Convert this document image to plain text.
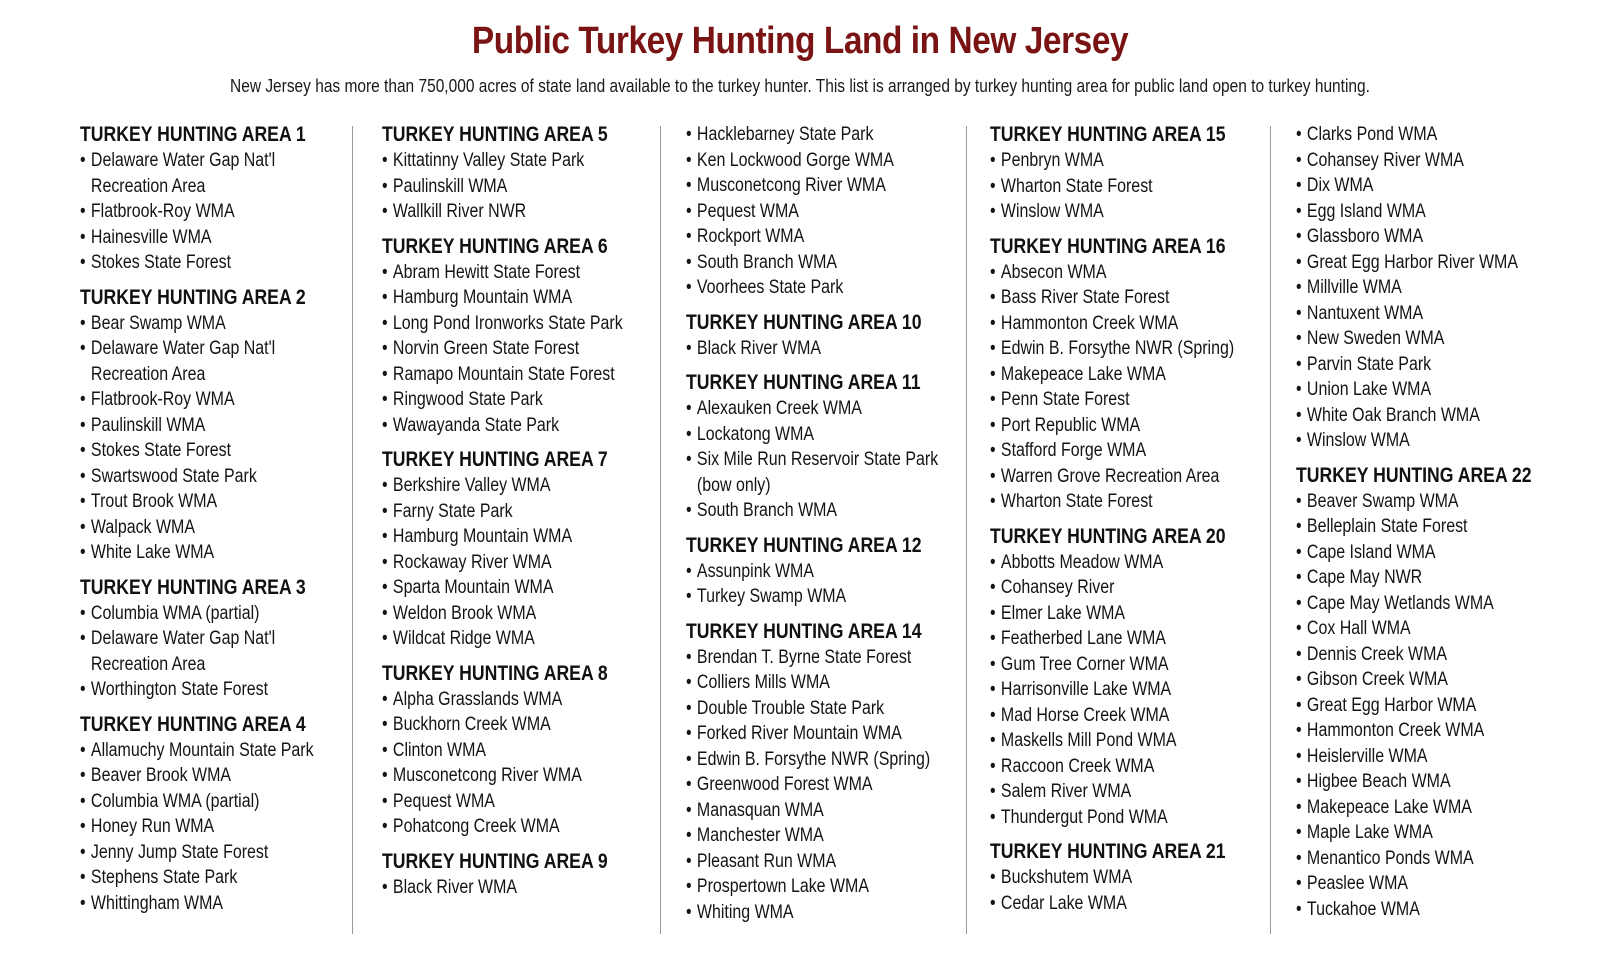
Public Turkey Hunting Land in New Jersey

New Jersey has more than 750,000 acres of state land available to the turkey hunter. This list is arranged by turkey hunting area for public land open to turkey hunting.

TURKEY HUNTING AREA 1
• Delaware Water Gap Nat'l
Recreation Area
• Flatbrook-Roy WMA
• Hainesville WMA
• Stokes State Forest
TURKEY HUNTING AREA 2
• Bear Swamp WMA
• Delaware Water Gap Nat'l
Recreation Area
• Flatbrook-Roy WMA
• Paulinskill WMA
• Stokes State Forest
• Swartswood State Park
• Trout Brook WMA
• Walpack WMA
• White Lake WMA
TURKEY HUNTING AREA 3
• Columbia WMA (partial)
• Delaware Water Gap Nat'l
Recreation Area
• Worthington State Forest
TURKEY HUNTING AREA 4
• Allamuchy Mountain State Park
• Beaver Brook WMA
• Columbia WMA (partial)
• Honey Run WMA
• Jenny Jump State Forest
• Stephens State Park
• Whittingham WMA
TURKEY HUNTING AREA 5
• Kittatinny Valley State Park
• Paulinskill WMA
• Wallkill River NWR
TURKEY HUNTING AREA 6
• Abram Hewitt State Forest
• Hamburg Mountain WMA
• Long Pond Ironworks State Park
• Norvin Green State Forest
• Ramapo Mountain State Forest
• Ringwood State Park
• Wawayanda State Park
TURKEY HUNTING AREA 7
• Berkshire Valley WMA
• Farny State Park
• Hamburg Mountain WMA
• Rockaway River WMA
• Sparta Mountain WMA
• Weldon Brook WMA
• Wildcat Ridge WMA
TURKEY HUNTING AREA 8
• Alpha Grasslands WMA
• Buckhorn Creek WMA
• Clinton WMA
• Musconetcong River WMA
• Pequest WMA
• Pohatcong Creek WMA
TURKEY HUNTING AREA 9
• Black River WMA
• Hacklebarney State Park
• Ken Lockwood Gorge WMA
• Musconetcong River WMA
• Pequest WMA
• Rockport WMA
• South Branch WMA
• Voorhees State Park
TURKEY HUNTING AREA 10
• Black River WMA
TURKEY HUNTING AREA 11
• Alexauken Creek WMA
• Lockatong WMA
• Six Mile Run Reservoir State Park
(bow only)
• South Branch WMA
TURKEY HUNTING AREA 12
• Assunpink WMA
• Turkey Swamp WMA
TURKEY HUNTING AREA 14
• Brendan T. Byrne State Forest
• Colliers Mills WMA
• Double Trouble State Park
• Forked River Mountain WMA
• Edwin B. Forsythe NWR (Spring)
• Greenwood Forest WMA
• Manasquan WMA
• Manchester WMA
• Pleasant Run WMA
• Prospertown Lake WMA
• Whiting WMA
TURKEY HUNTING AREA 15
• Penbryn WMA
• Wharton State Forest
• Winslow WMA
TURKEY HUNTING AREA 16
• Absecon WMA
• Bass River State Forest
• Hammonton Creek WMA
• Edwin B. Forsythe NWR (Spring)
• Makepeace Lake WMA
• Penn State Forest
• Port Republic WMA
• Stafford Forge WMA
• Warren Grove Recreation Area
• Wharton State Forest
TURKEY HUNTING AREA 20
• Abbotts Meadow WMA
• Cohansey River
• Elmer Lake WMA
• Featherbed Lane WMA
• Gum Tree Corner WMA
• Harrisonville Lake WMA
• Mad Horse Creek WMA
• Maskells Mill Pond WMA
• Raccoon Creek WMA
• Salem River WMA
• Thundergut Pond WMA
TURKEY HUNTING AREA 21
• Buckshutem WMA
• Cedar Lake WMA
• Clarks Pond WMA
• Cohansey River WMA
• Dix WMA
• Egg Island WMA
• Glassboro WMA
• Great Egg Harbor River WMA
• Millville WMA
• Nantuxent WMA
• New Sweden WMA
• Parvin State Park
• Union Lake WMA
• White Oak Branch WMA
• Winslow WMA
TURKEY HUNTING AREA 22
• Beaver Swamp WMA
• Belleplain State Forest
• Cape Island WMA
• Cape May NWR
• Cape May Wetlands WMA
• Cox Hall WMA
• Dennis Creek WMA
• Gibson Creek WMA
• Great Egg Harbor WMA
• Hammonton Creek WMA
• Heislerville WMA
• Higbee Beach WMA
• Makepeace Lake WMA
• Maple Lake WMA
• Menantico Ponds WMA
• Peaslee WMA
• Tuckahoe WMA
